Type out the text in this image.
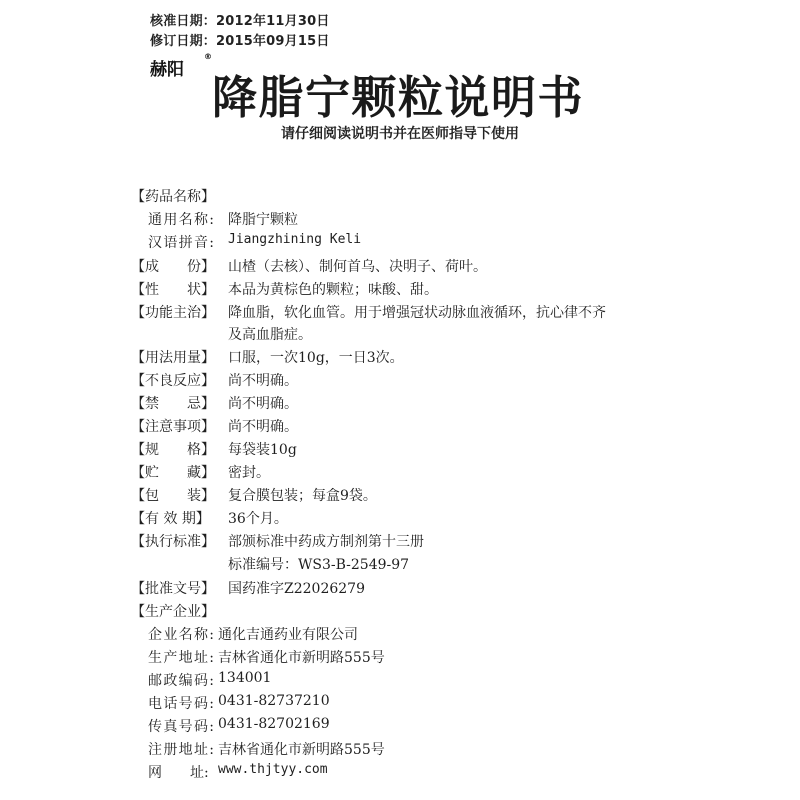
核准日期：2012年11月30日
修订日期：2015年09月15日
赫阳
®
降脂宁颗粒说明书
请仔细阅读说明书并在医师指导下使用
【药品名称】
通用名称: 降脂宁颗粒
汉语拼音: Jiangzhining Keli
【成　　份】 山楂（去核）、制何首乌、决明子、荷叶。
【性　　状】 本品为黄棕色的颗粒；味酸、甜。
【功能主治】 降血脂，软化血管。用于增强冠状动脉血液循环，抗心律不齐
及高血脂症。
【用法用量】 口服，一次10g，一日3次。
【不良反应】 尚不明确。
【禁　　忌】 尚不明确。
【注意事项】 尚不明确。
【规　　格】 每袋装10g
【贮　　藏】 密封。
【包　　装】 复合膜包装；每盒9袋。
【有 效 期】	36个月。
【执行标准】 部颁标准中药成方制剂第十三册
标准编号：WS3-B-2549-97
【批准文号】 国药准字Z22026279
【生产企业】
企业名称: 通化吉通药业有限公司
生产地址: 吉林省通化市新明路555号
邮政编码: 134001
电话号码: 0431-82737210
传真号码: 0431-82702169
注册地址: 吉林省通化市新明路555号
网　　址: www.thjtyy.com
